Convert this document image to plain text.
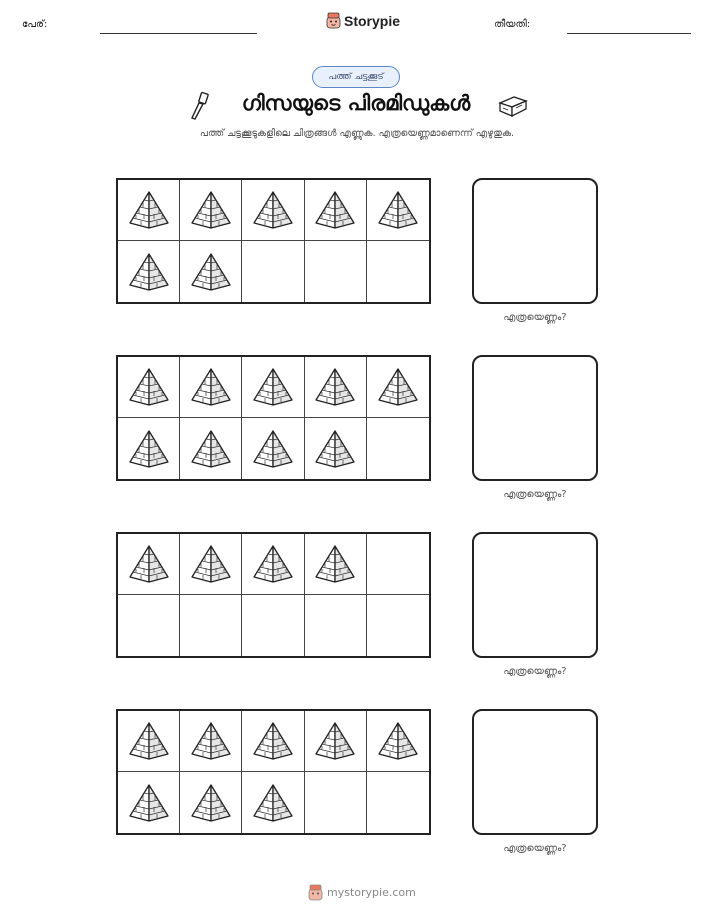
പേര്:	Storypie	തീയതി:
പത്ത് ചട്ടക്കൂട്
ഗിസയുടെ പിരമിഡുകൾ
പത്ത് ചട്ടക്കൂടുകളിലെ ചിത്രങ്ങൾ എണ്ണുക. എത്രയെണ്ണമാണെന്ന് എഴുതുക.
എത്രയെണ്ണം?
എത്രയെണ്ണം?
എത്രയെണ്ണം?
എത്രയെണ്ണം?
mystorypie.com
